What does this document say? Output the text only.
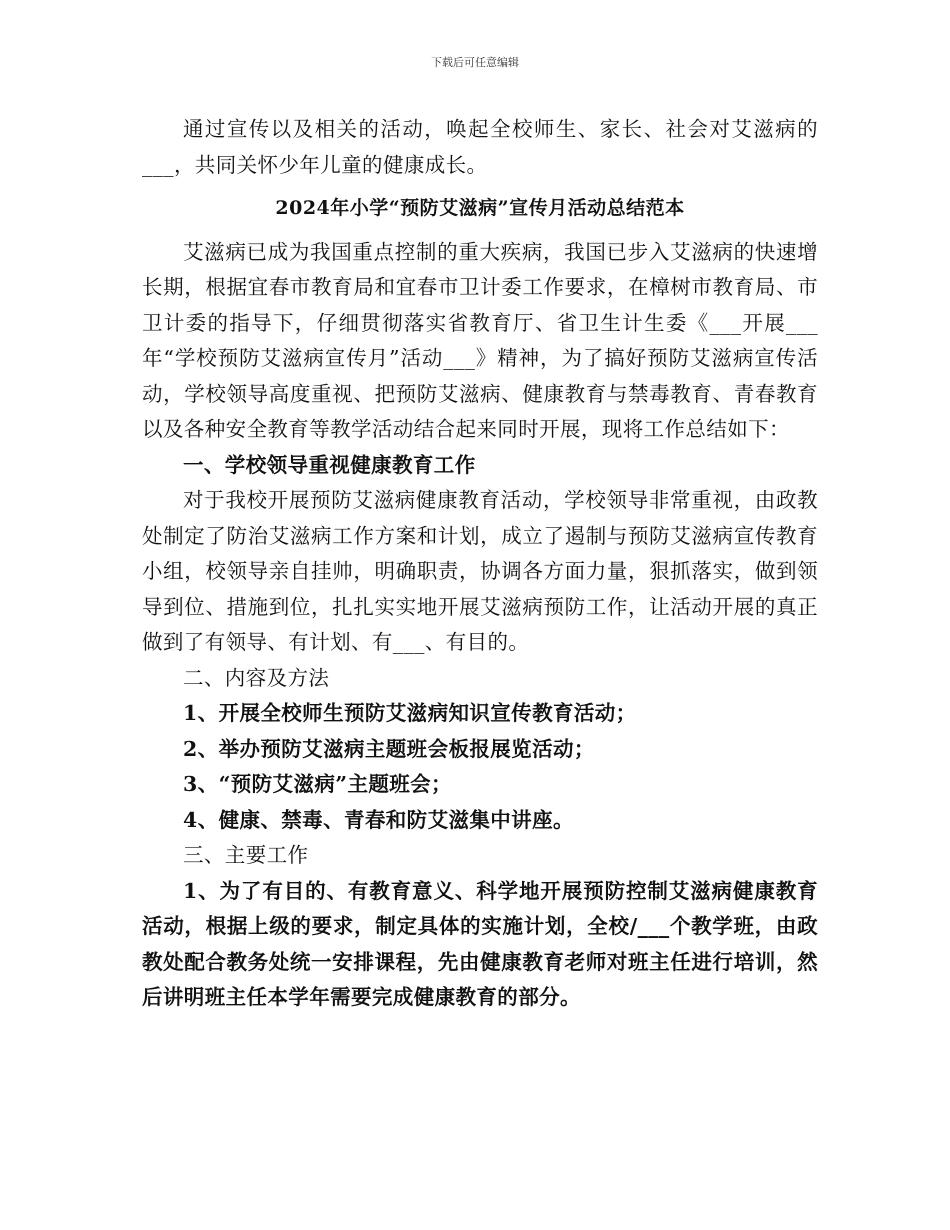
下载后可任意编辑

通过宣传以及相关的活动，唤起全校师生、家长、社会对艾滋病的___，共同关怀少年儿童的健康成长。

2024年小学“预防艾滋病”宣传月活动总结范本

艾滋病已成为我国重点控制的重大疾病，我国已步入艾滋病的快速增长期，根据宜春市教育局和宜春市卫计委工作要求，在樟树市教育局、市卫计委的指导下，仔细贯彻落实省教育厅、省卫生计生委《___开展___年“学校预防艾滋病宣传月”活动___》精神，为了搞好预防艾滋病宣传活动，学校领导高度重视、把预防艾滋病、健康教育与禁毒教育、青春教育以及各种安全教育等教学活动结合起来同时开展，现将工作总结如下：

一、学校领导重视健康教育工作

对于我校开展预防艾滋病健康教育活动，学校领导非常重视，由政教处制定了防治艾滋病工作方案和计划，成立了遏制与预防艾滋病宣传教育小组，校领导亲自挂帅，明确职责，协调各方面力量，狠抓落实，做到领导到位、措施到位，扎扎实实地开展艾滋病预防工作，让活动开展的真正做到了有领导、有计划、有___、有目的。

二、内容及方法

1、开展全校师生预防艾滋病知识宣传教育活动；

2、举办预防艾滋病主题班会板报展览活动；

3、“预防艾滋病”主题班会；

4、健康、禁毒、青春和防艾滋集中讲座。

三、主要工作

1、为了有目的、有教育意义、科学地开展预防控制艾滋病健康教育活动，根据上级的要求，制定具体的实施计划，全校/___个教学班，由政教处配合教务处统一安排课程，先由健康教育老师对班主任进行培训，然后讲明班主任本学年需要完成健康教育的部分。
